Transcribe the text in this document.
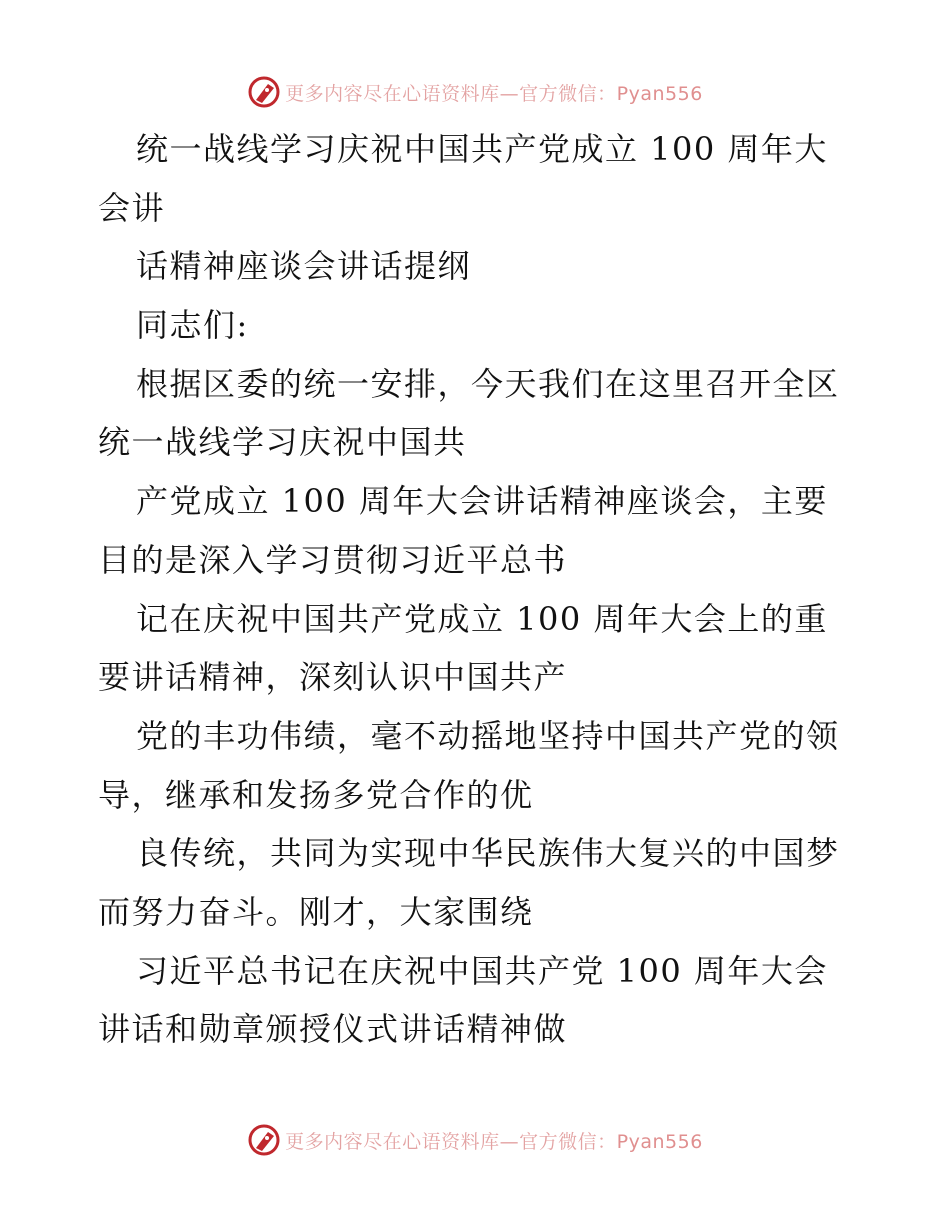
更多内容尽在心语资料库—官方微信：Pyan556
统一战线学习庆祝中国共产党成立 100 周年大
会讲
话精神座谈会讲话提纲
同志们:
根据区委的统一安排，今天我们在这里召开全区
统一战线学习庆祝中国共
产党成立 100 周年大会讲话精神座谈会，主要
目的是深入学习贯彻习近平总书
记在庆祝中国共产党成立 100 周年大会上的重
要讲话精神，深刻认识中国共产
党的丰功伟绩，毫不动摇地坚持中国共产党的领
导，继承和发扬多党合作的优
良传统，共同为实现中华民族伟大复兴的中国梦
而努力奋斗。刚才，大家围绕
习近平总书记在庆祝中国共产党 100 周年大会
讲话和勋章颁授仪式讲话精神做
更多内容尽在心语资料库—官方微信：Pyan556
